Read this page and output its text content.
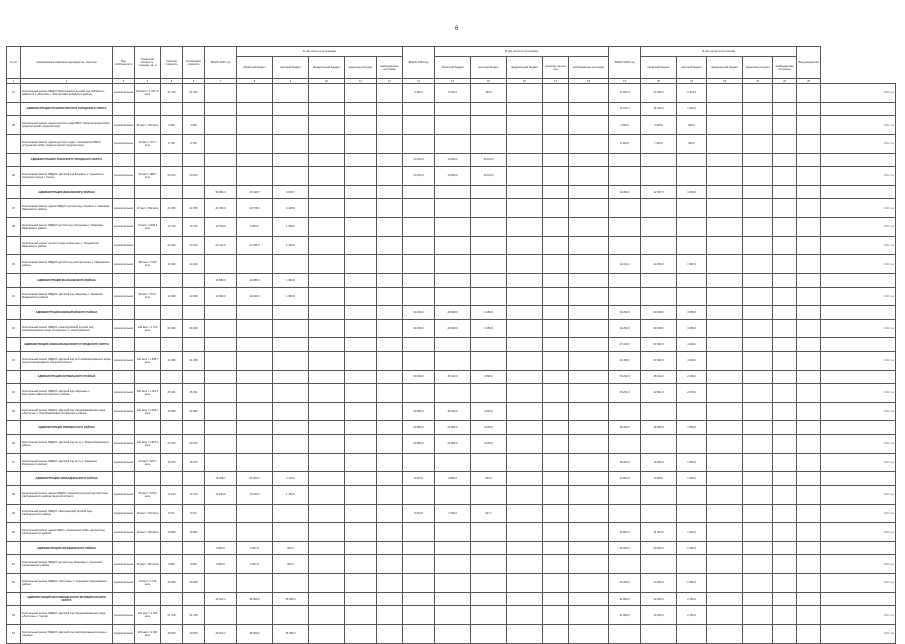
6
№ п/п	Наименование заказчика, мероприятия, объектов	Вид собственности	Проектная мощность, площадь, кв. м	Сметная стоимость	Оставшаяся стоимость	ВСЕГО 2021 год	В том числе по источникам					ВСЕГО 2022 год	В том числе по источникам					ВСЕГО 2023 год	В том числе по источникам					Ввод мощностей	
							областной бюджет	местный бюджет	федеральный бюджет	кредитные ресурсы	внебюджетные источники		областной бюджет	местный бюджет	федеральный бюджет	средства третьих лиц	внебюджетные источники		областной бюджет	местный бюджет	федеральный бюджет	кредитные ресурсы	внебюджетные источники		
1	2	3	4	5	6	7	8	9	10	11	12	13	14	15	16	17	18	19	20	21	22	23	24	25	
37	Капитальный ремонт МБДОУ Васильевский детский сад Кобяйского района № 1 «Березка» с. Вострохакко Кобяйского района	муниципальная	100 мест / 1 437,11 кв.м	21 415	21 415							0 460,4	5 010,2	160,3				47 662,3	27 000,0	2 312,3					2022 год
	АДМИНИСТРАЦИЯ ГРАНИТОГОРСКОГО ГОРОДСКОГО ОКРУГА																	13 073,4	11 620,4	1 452,0					
35	Капитальный ремонт здания детского сада МБОУ Гранитогорская СОШ г. Гранитогорский городской округ	муниципальная	80 мест / 352 кв.м	4 900	4 900													4 900,0	3 900,0	900,0					2022 год
	Капитальный ремонт здания детского сада с. Косиновский МБОУ «Гурьевская СОШ» Гранитогорский городской округ	муниципальная	20 мест / 377,7 кв.м	8 700	8 700													8 300,0	7 620,0	681,0					2022 год
	АДМИНИСТРАЦИЯ ГУНИНСКОГО ГОРОДСКОГО ОКРУГА											20 103,4	10 000,0	10 103,4											
36	Капитальный ремонт МБДОУ «Детский сад Березка» с. Гурьевского городского округа г. Гунино	муниципальная	60 мест / 988,7 кв.м	20 103	20 103							20 103,4	10 000,0	10 103,4											2022 год
	АДМИНИСТРАЦИЯ ИВАНОВСКОГО РАЙОНА					56 984,4	45 499,7	4 645,7										14 300,0	12 097,5	1 603,6					
37	Капитальный ремонт здания МБДОУ детский сад «Улыбка» с. Ивановка Ивановского района	муниципальная	47 мест / 562 кв.м	24 780	24 780	24 780,0	22 578,0	2 148,0																	2021 год
38	Капитальный ремонт МБДОУ детский сад «Петрушка» с. Ивановка Ивановского района	муниципальная	70 мест / 1036,4 кв.м	10 720	10 720	10 760,0	9 600,0	1 080,0																	2021 год
	Капитальный ремонт детского сада «Аленушка» с. Мордовский Ивановского района	муниципальная		22 312	22 312	22 211,0	21 785,0	1 146,0																	2021 год
39	Капитальный ремонт МБДОУ детский сад «Колокольчик» с. Ивановского района	муниципальная	380 мест / 7037 кв.м	14 320	14 320													14 314,4	14 000,0	1 340,3					2023 год
	АДМИНИСТРАЦИЯ МАЗАНОВСКОГО РАЙОНА					14 580,0	10 986,0	1 366,0																	
41	Капитальный ремонт МБДОУ «Детский сад «Березка» с. Мазаново Мазановского района	муниципальная	50 мест / 573,7 кв.м	14 828	14 828	11 820,0	10 000,0	1 366,0																	2021 год
	АДМИНИСТРАЦИЯ НОВОБУРЕЙСКОГО РАЙОНА											34 293,6	29 648,0	3 459,6				34 293,6	29 648,0	3 459,6					
42	Капитальный ремонт МБДОУ «Новобурейский детский сад комбинированного вида «Солнышко» п. Новобурейский	муниципальная	140 мест / 1 712 кв.м	60 428	60 428							34 293,6	29 648,0	3 459,6				34 293,6	29 648,0	3 459,6					2022 год
	АДМИНИСТРАЦИЯ НОВОКАРНАВАЛСКОГО ГОРОДСКОГО ОКРУГА																	47 340,0	37 900,0	4 440,0					
43	Капитальный ремонт МБДОУ «Детский сад № 2 комбинированного вида» город Новокарнавалск Амурской области	муниципальная	120 мест / 1 568,7 кв.м	41 308	41 308													41 308,0	37 900,0	4 440,0					2022 год
	АДМИНИСТРАЦИЯ ОКТЯБРЬСКОГО РАЙОНА											50 232,0	45 412,0	4 820,0				50 232,0	45 312,0	2 160,0					
44	Капитальный ремонт МБДОУ «Детский сад «Березка» с. Екатеринославка Октябрьского района	муниципальная	100 мест / 1 062,2 кв.м	25 231	25 231													25 231,0	22 661,0	2 570,0					2022 год
45	Капитальный ремонт МБДОУ «Детский сад общеразвивающего вида «Ласточка» с. Преображеновка Октябрьского района	муниципальная	140 мест / 1 493,7 кв.м	40 382	40 382							40 382,0	36 412,0	4 820,0											2022 год
	АДМИНИСТРАЦИЯ РОМНЕНСКОГО РАЙОНА											24 800,0	21 800,0	3 000,0				18 360,0	16 800,0	1 560,0					
46	Капитальный ремонт МБДОУ «Детский сад № 1» с. Ромны Ромненского района	муниципальная	140 мест / 1 861,2 кв.м	24 870	24 870							24 800,0	21 800,0	3 000,0											2022 год
47	Капитальный ремонт МБДОУ «Детский сад № 2» с. Амаранка Ромненского района	муниципальная	60 мест / 625,7 кв.м	18 370	18 370													18 360,0	16 800,0	1 560,0					2023 год
	АДМИНИСТРАЦИЯ СВОБОДНЕНСКОГО РАЙОНА					70 188,7	61 900,0	1 119,4				8 013,5	6 890,0	821,6				12 800,0	9 500,0	1 300,0					
48	Капитальный ремонт здания МБДОУ «Нижнебузулинский детский сад» Свободненского района Амурской области	муниципальная	55 мест / 679,6 кв.м	12 130	12 130	12 130,0	10 940,0	1 190,0																	2021 год
49	Капитальный ремонт МБДОУ «Загорненский детский сад» Свободненского района	муниципальная	40 мест / 512 кв.м	8 371	8 371							8 013,5	7 092,0	921,7											2022 год
50	Капитальный ремонт здания МБОУ «Черновская СОШ» детский сад Свободненского района	муниципальная	20 мест / 303 кв.м	12 800	12 800													12 800,0	11 400,0	1 400,0					2023 год
	АДМИНИСТРАЦИЯ СЕРЫШЕВСКОГО РАЙОНА					9 800,0	8 501,0	900,0										26 250,0	23 900,0	2 350,0					
51	Капитальный ремонт МБДОУ детский сад «Березка» с. Серышево Серышевского района	муниципальная	45 мест / 564 кв.м	9 800	9 800	9 800,0	8 501,0	900,0																	2021 год
52	Капитальный ремонт МБДОУ «Ласточка» с. Серышево Серышевского района	муниципальная	70 мест / 1 145 кв.м	26 250	26 250													26 250,0	23 900,0	2 350,0					2023 год
	АДМИНИСТРАЦИЯ БЛАГОВЕЩЕНСКОГО МУНИЦИПАЛЬНОГО ОКРУГА					40 513,4	35 090,0	25 485,0										21 960,0	20 300,0	2 163,0					
53	Капитальный ремонт МБДОУ «Детский сад общеразвивающего вида «Ласточка» с. Чигири	муниципальная	100 мест / 1 015 кв.м	21 478	21 478													21 960,0	20 300,0	2 163,0					2023 год
54	Капитальный ремонт МБДОУ «Детский сад комбинированного вида» с. Садовое	муниципальная	200 мест / 3 000 кв.м	40 870	40 870	40 513,4	35 090,0	25 485,0																	2021 год
